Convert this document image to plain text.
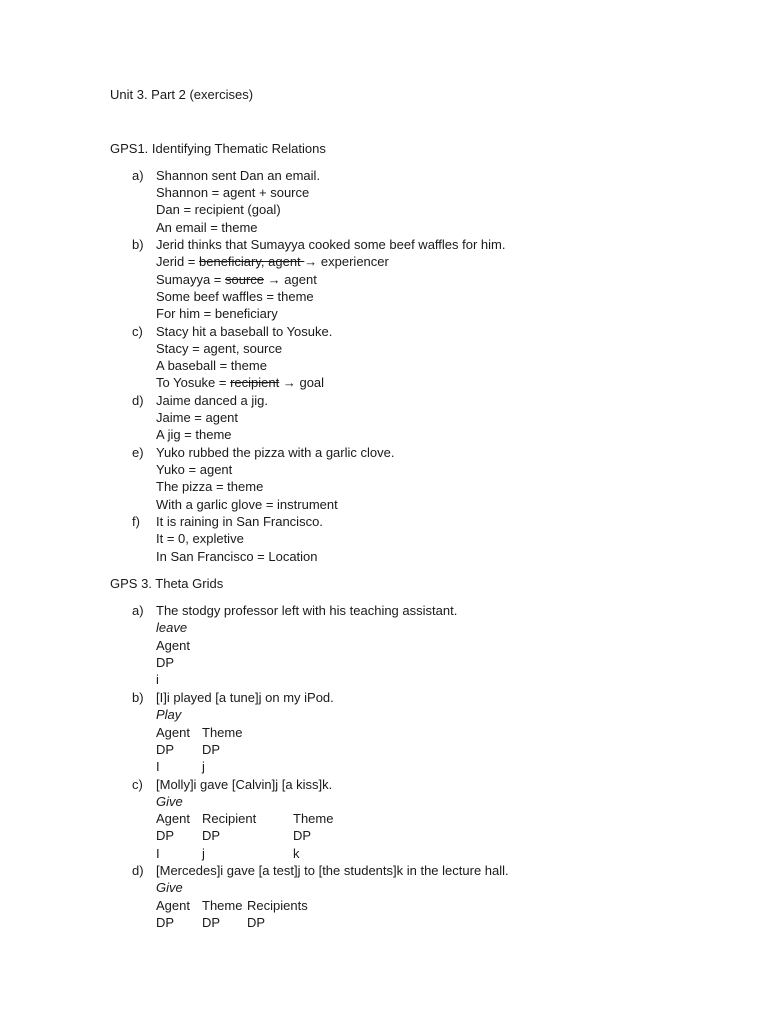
Unit 3. Part 2 (exercises)
GPS1. Identifying Thematic Relations
a) Shannon sent Dan an email.
Shannon = agent + source
Dan = recipient (goal)
An email = theme
b) Jerid thinks that Sumayya cooked some beef waffles for him.
Jerid = beneficiary, agent → experiencer
Sumayya = source → agent
Some beef waffles = theme
For him = beneficiary
c) Stacy hit a baseball to Yosuke.
Stacy = agent, source
A baseball = theme
To Yosuke = recipient → goal
d) Jaime danced a jig.
Jaime = agent
A jig = theme
e) Yuko rubbed the pizza with a garlic clove.
Yuko = agent
The pizza = theme
With a garlic glove = instrument
f) It is raining in San Francisco.
It = 0, expletive
In San Francisco = Location
GPS 3. Theta Grids
a) The stodgy professor left with his teaching assistant.
leave
Agent
DP
i
b) [I]i played [a tune]j on my iPod.
Play
Agent Theme
DP DP
I	j
c) [Molly]i gave [Calvin]j [a kiss]k.
Give
Agent Recipient	Theme
DP DP	DP
I	j	k
d) [Mercedes]i gave [a test]j to [the students]k in the lecture hall.
Give
Agent Theme Recipients
DP DP DP
